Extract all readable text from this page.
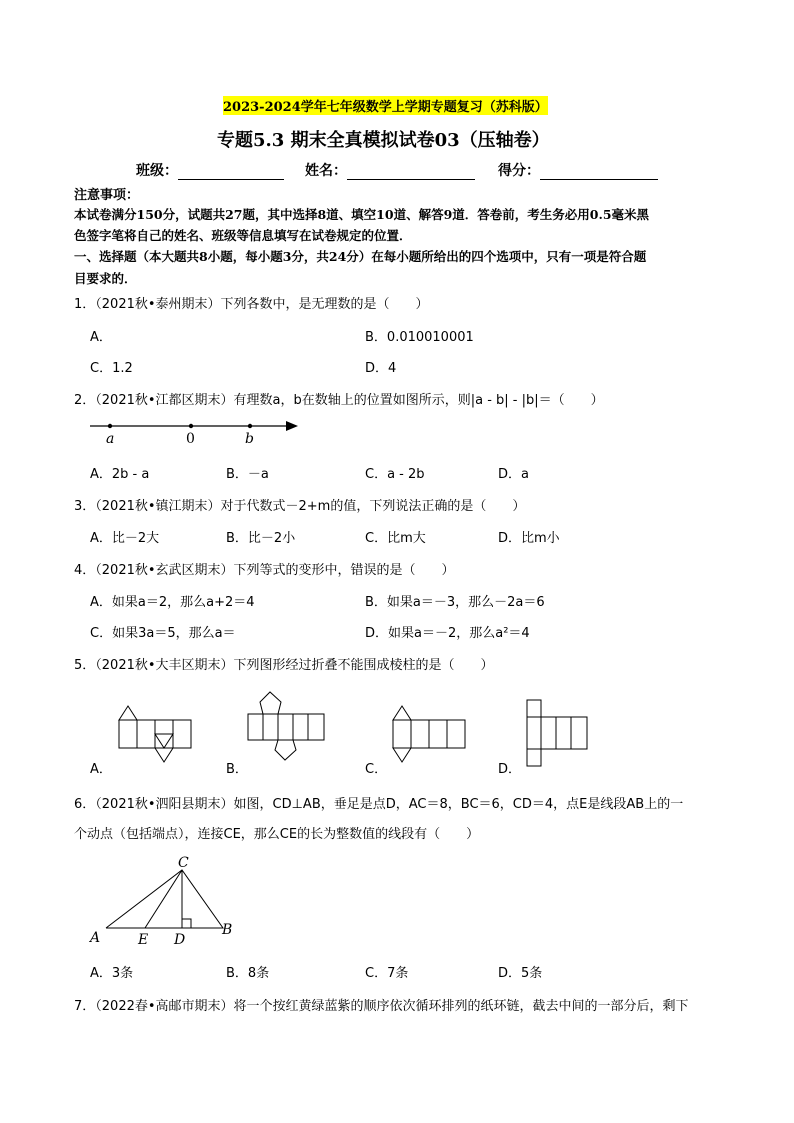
2023-2024学年七年级数学上学期专题复习（苏科版）
专题5.3 期末全真模拟试卷03（压轴卷）
班级：	姓名：	得分：
注意事项：
本试卷满分150分，试题共27题，其中选择8道、填空10道、解答9道．答卷前，考生务必用0.5毫米黑
色签字笔将自己的姓名、班级等信息填写在试卷规定的位置．
一、选择题（本大题共8小题，每小题3分，共24分）在每小题所给出的四个选项中，只有一项是符合题
目要求的．
1．（2021秋•泰州期末）下列各数中，是无理数的是（　　）
A．	B．0.010010001
C．1.2	D．4
2．（2021秋•江都区期末）有理数a，b在数轴上的位置如图所示，则|a - b| - |b|＝（　　）
a	0	b
A．2b - a	B．－a	C．a - 2b	D．a
3．（2021秋•镇江期末）对于代数式－2+m的值，下列说法正确的是（　　）
A．比－2大	B．比－2小	C．比m大	D．比m小
4．（2021秋•玄武区期末）下列等式的变形中，错误的是（　　）
A．如果a＝2，那么a+2＝4	B．如果a＝－3，那么－2a＝6
C．如果3a＝5，那么a＝	D．如果a＝－2，那么a²＝4
5．（2021秋•大丰区期末）下列图形经过折叠不能围成棱柱的是（　　）
A．	B．	C．	D．
6．（2021秋•泗阳县期末）如图，CD⊥AB，垂足是点D，AC＝8，BC＝6，CD＝4，点E是线段AB上的一
个动点（包括端点），连接CE，那么CE的长为整数值的线段有（　　）
C
A	E D
B
A．3条	B．8条	C．7条	D．5条
7．（2022春•高邮市期末）将一个按红黄绿蓝紫的顺序依次循环排列的纸环链，截去中间的一部分后，剩下
